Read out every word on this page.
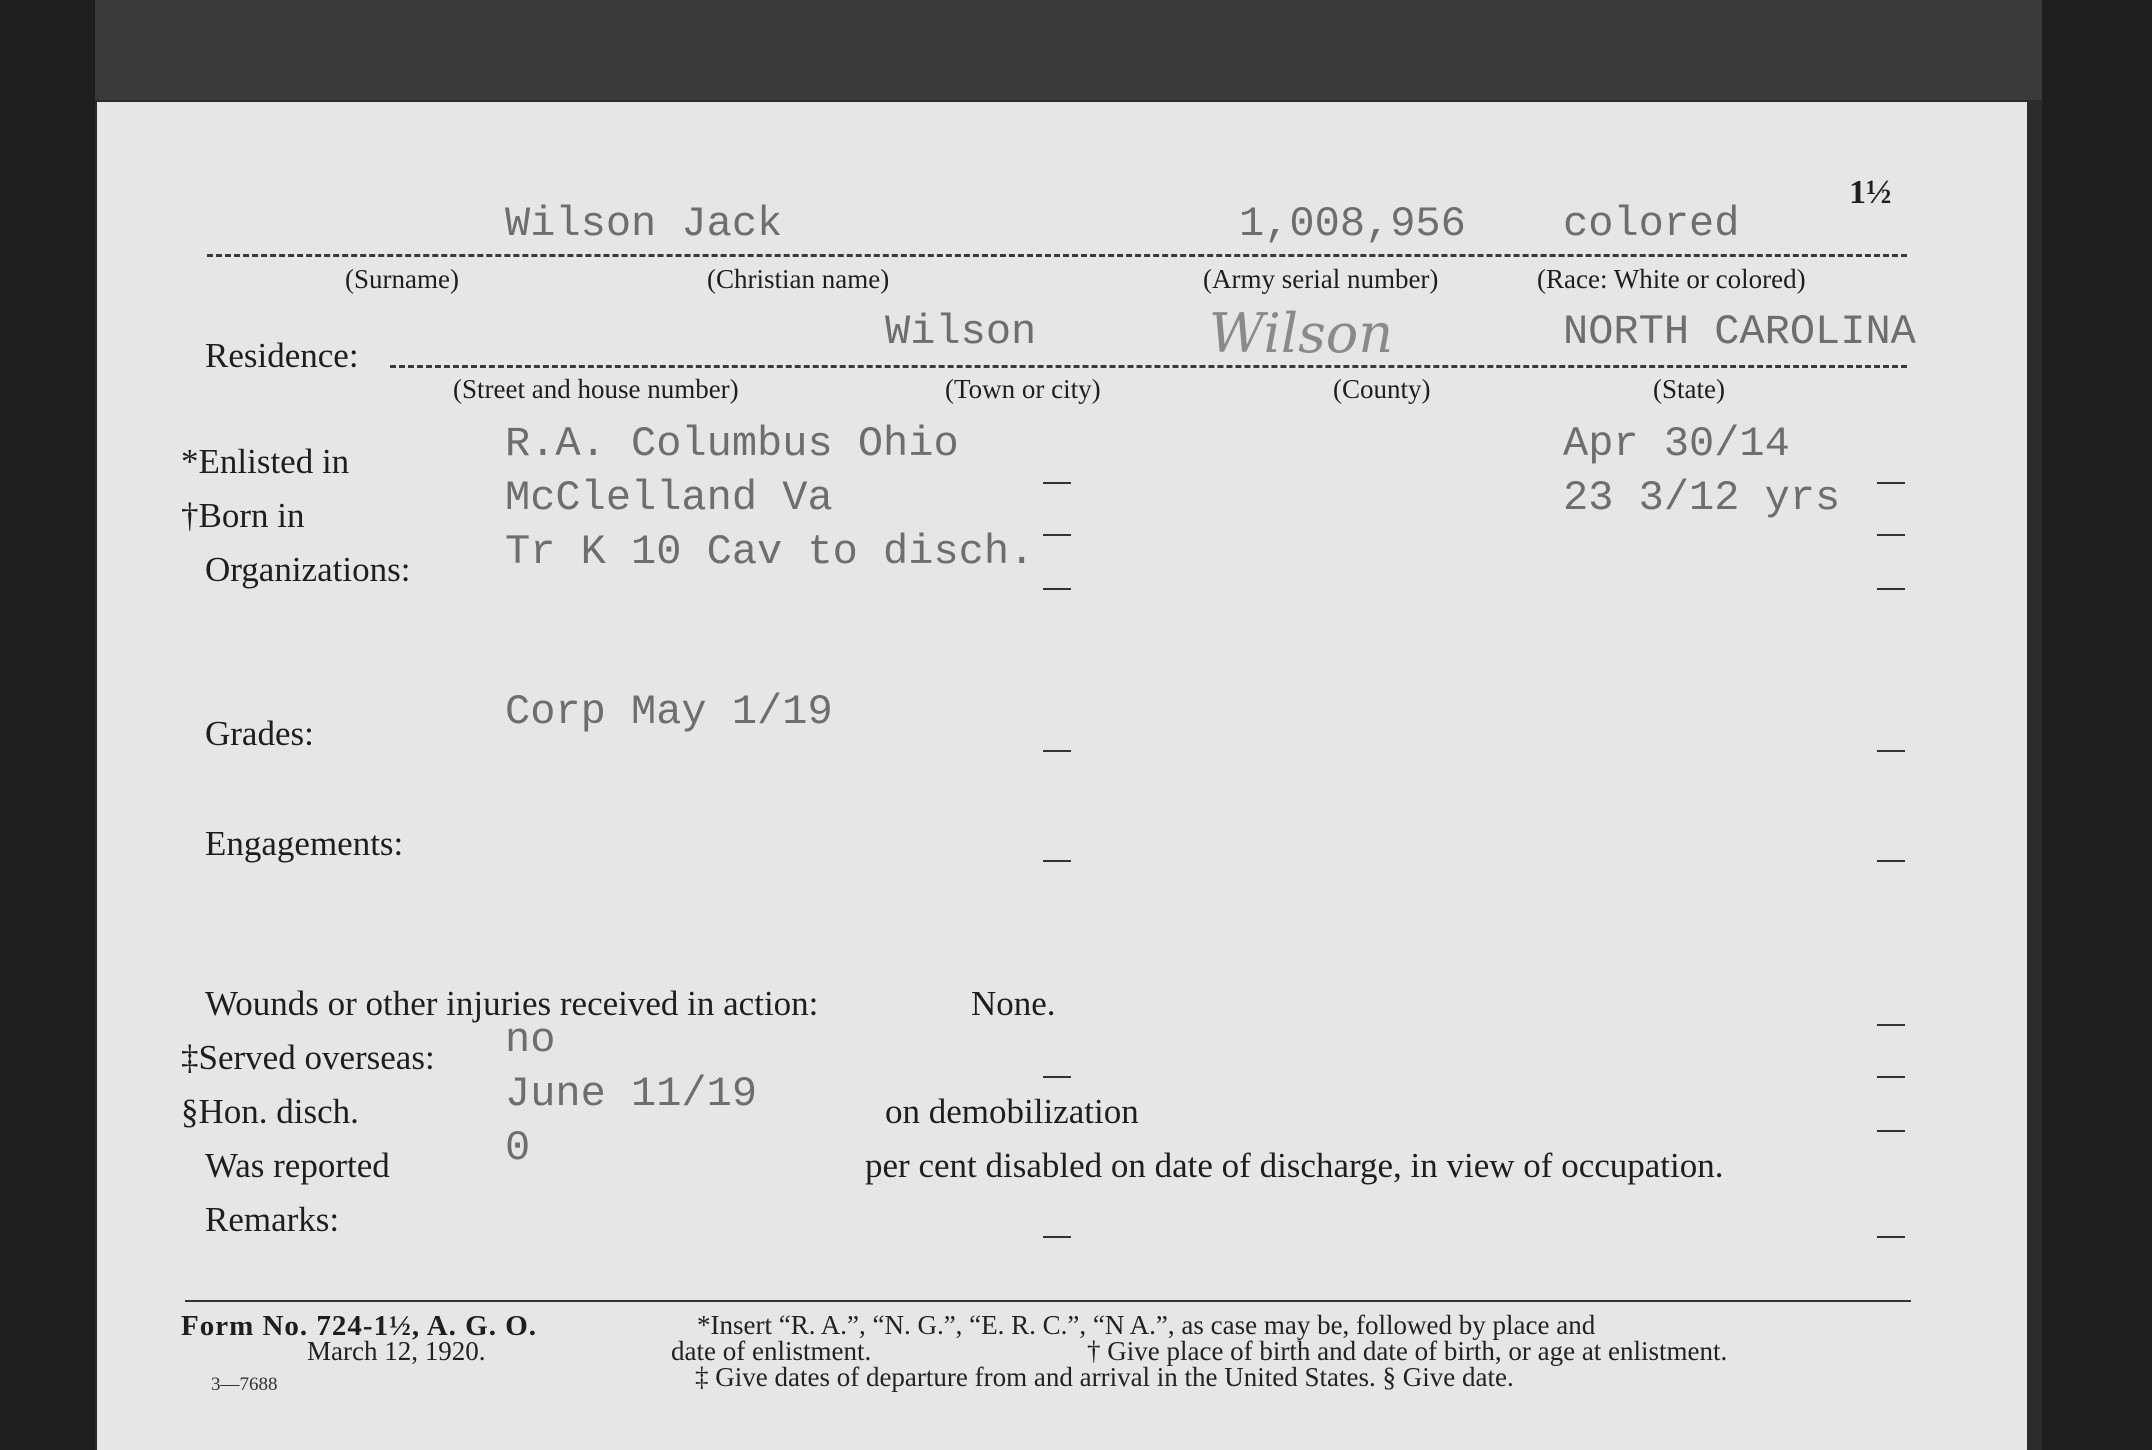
1½
Wilson Jack	1,008,956 colored
(Surname)	(Christian name)	(Army serial number)	(Race: White or colored)
Residence:	Wilson	Wilson	NORTH CAROLINA
(Street and house number)	(Town or city)	(County)	(State)
*Enlisted in	R.A. Columbus Ohio	Apr 30/14
†Born in	McClelland Va	23 3/12 yrs
Organizations: Tr K 10 Cav to disch.
Grades:	Corp May 1/19
Engagements:
Wounds or other injuries received in action:	None.
‡Served overseas: no
§Hon. disch.	June 11/19	on demobilization
Was reported	0	per cent disabled on date of discharge, in view of occupation.
Remarks:
Form No. 724-1½, A. G. O.
March 12, 1920.
3—7688
*Insert “R. A.”, “N. G.”, “E. R. C.”, “N A.”, as case may be, followed by place and
date of enlistment.	† Give place of birth and date of birth, or age at enlistment.
‡ Give dates of departure from and arrival in the United States. § Give date.
